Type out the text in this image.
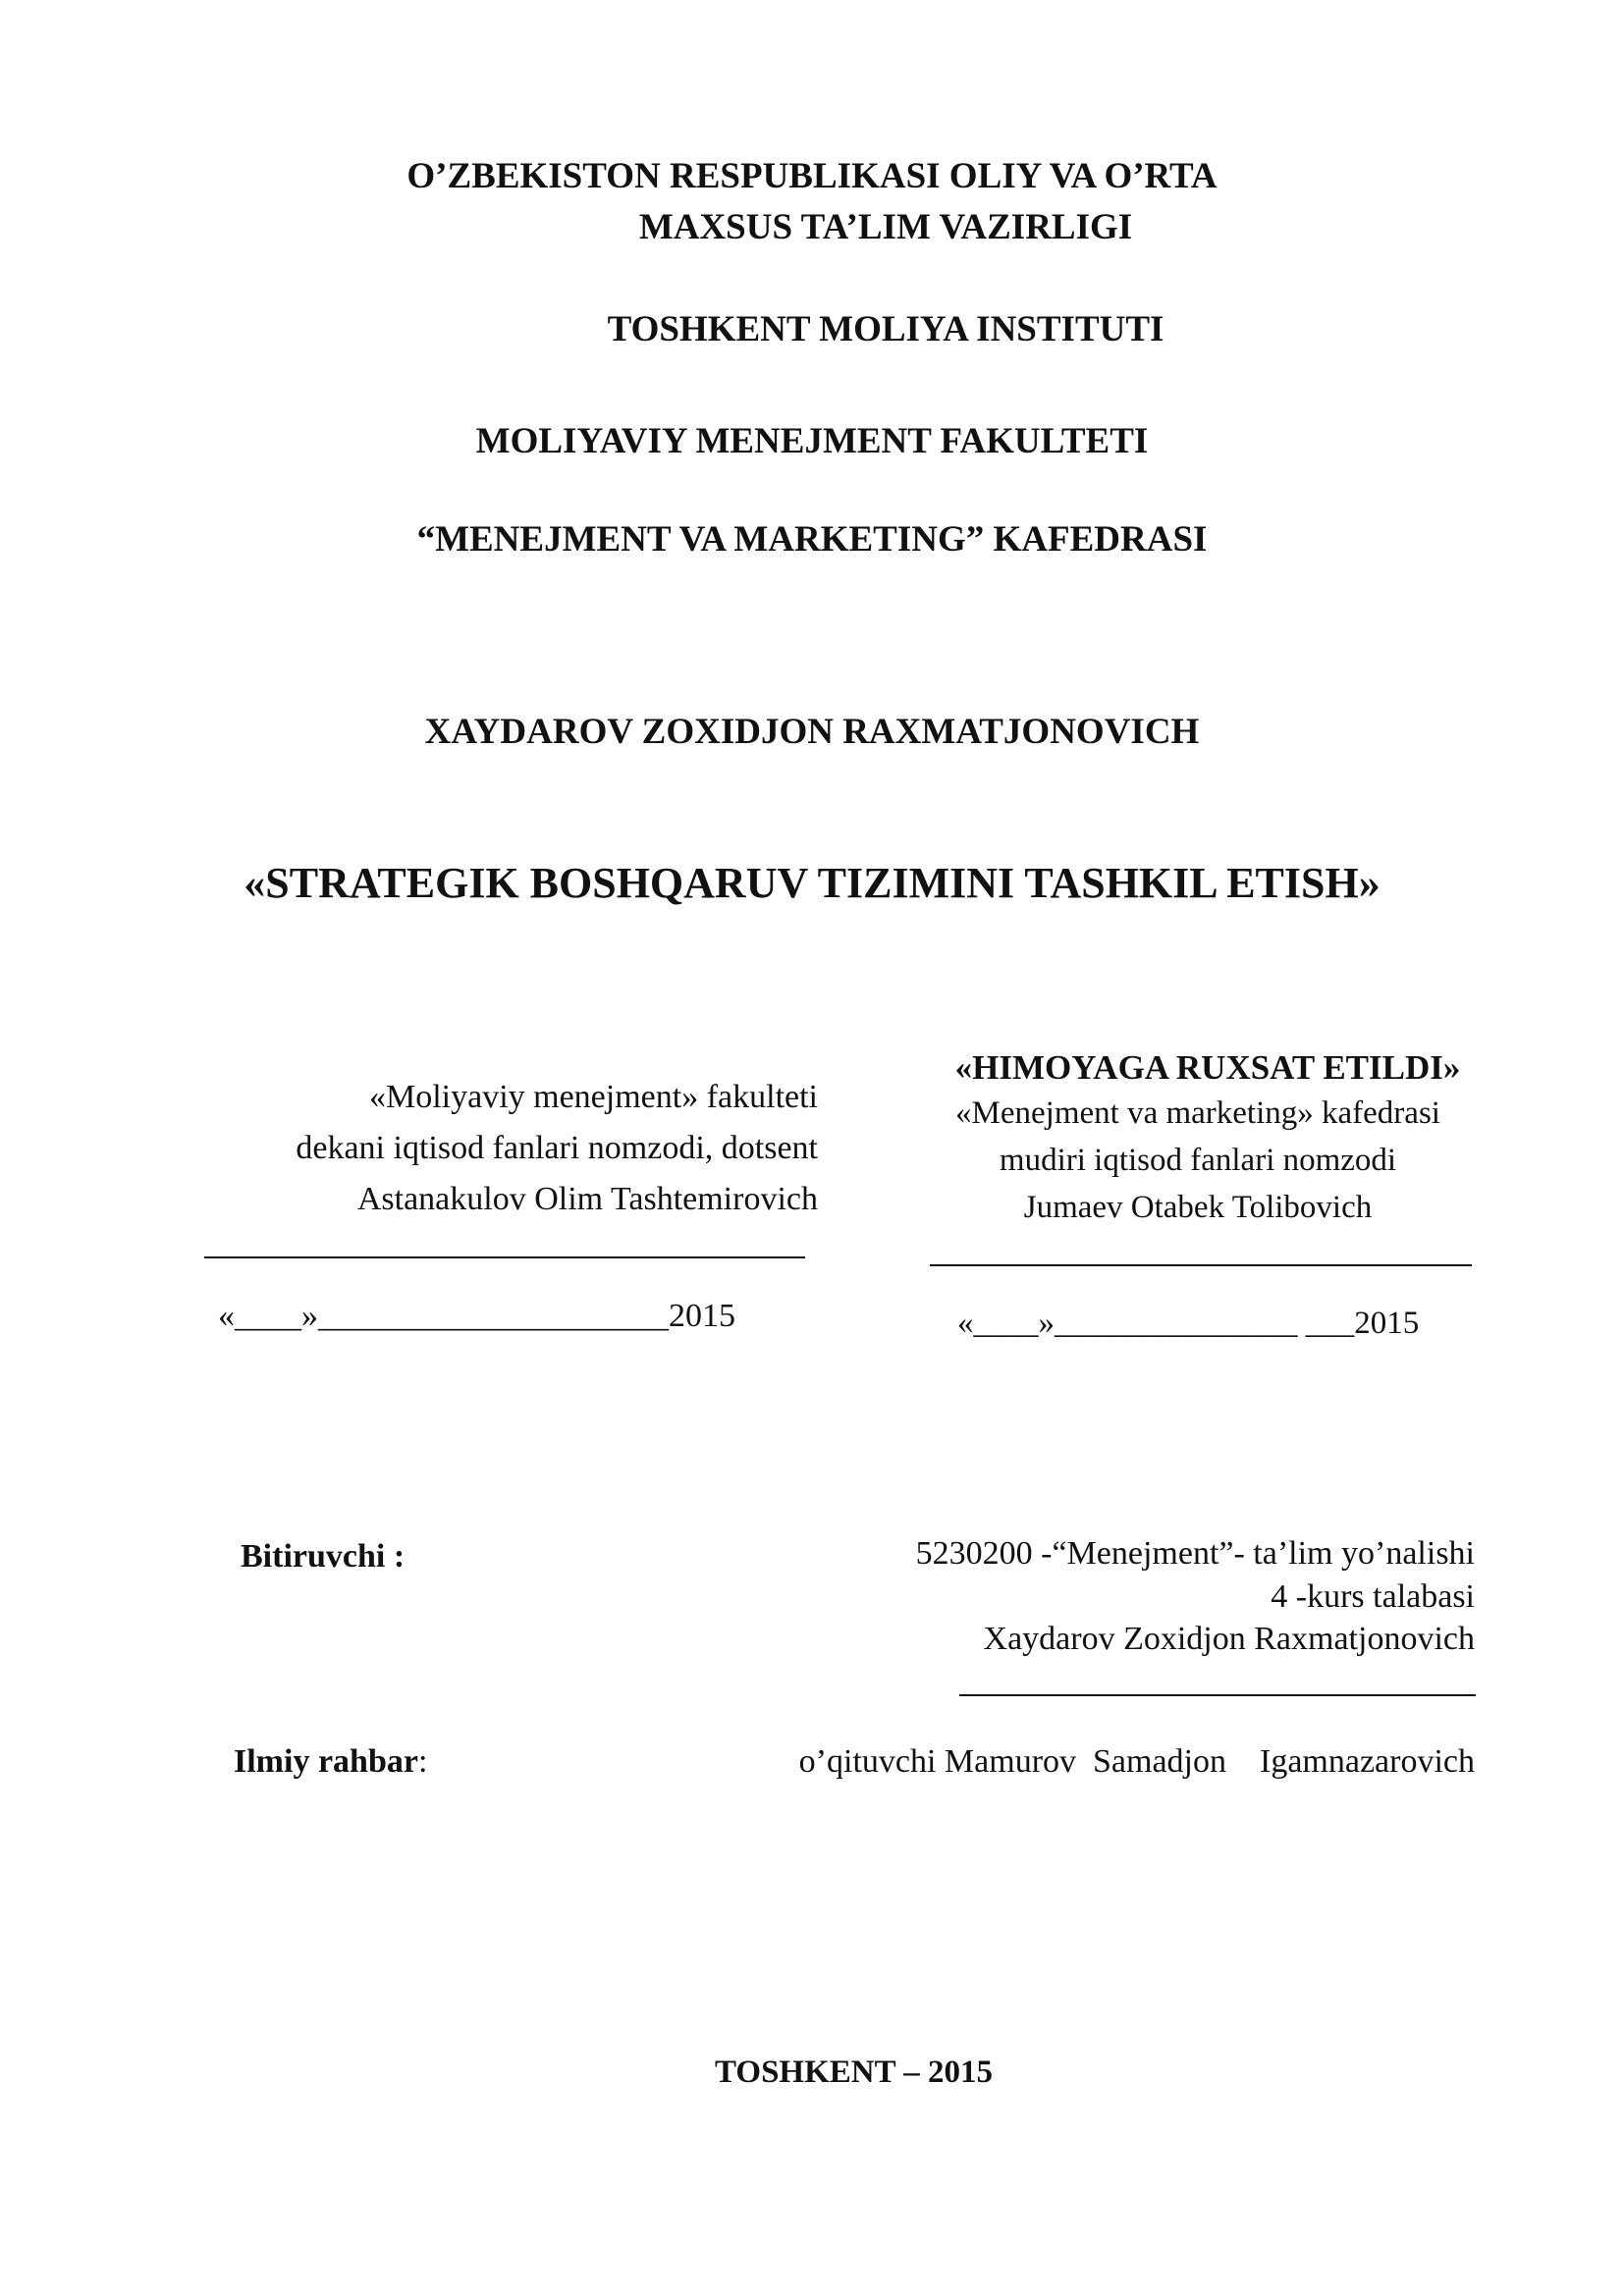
O’ZBEKISTON RESPUBLIKASI OLIY VA O’RTA
MAXSUS TA’LIM VAZIRLIGI
TOSHKENT MOLIYA INSTITUTI
MOLIYAVIY MENEJMENT FAKULTETI
“MENEJMENT VA MARKETING” KAFEDRASI
XAYDAROV ZOXIDJON RAXMATJONOVICH
«STRATEGIK BOSHQARUV TIZIMINI TASHKIL ETISH»
«Moliyaviy menejment» fakulteti
dekani iqtisod fanlari nomzodi, dotsent
Astanakulov Olim Tashtemirovich
«____»_____________________2015
«HIMOYAGA RUXSAT ETILDI»
«Menejment va marketing» kafedrasi
mudiri iqtisod fanlari nomzodi
Jumaev Otabek Tolibovich
«____»_______________ ___2015
Bitiruvchi :	5230200 -“Menejment”- ta’lim yo’nalishi
4 -kurs talabasi
Xaydarov Zoxidjon Raxmatjonovich
Ilmiy rahbar:	o’qituvchi Mamurov  Samadjon    Igamnazarovich
TOSHKENT – 2015
